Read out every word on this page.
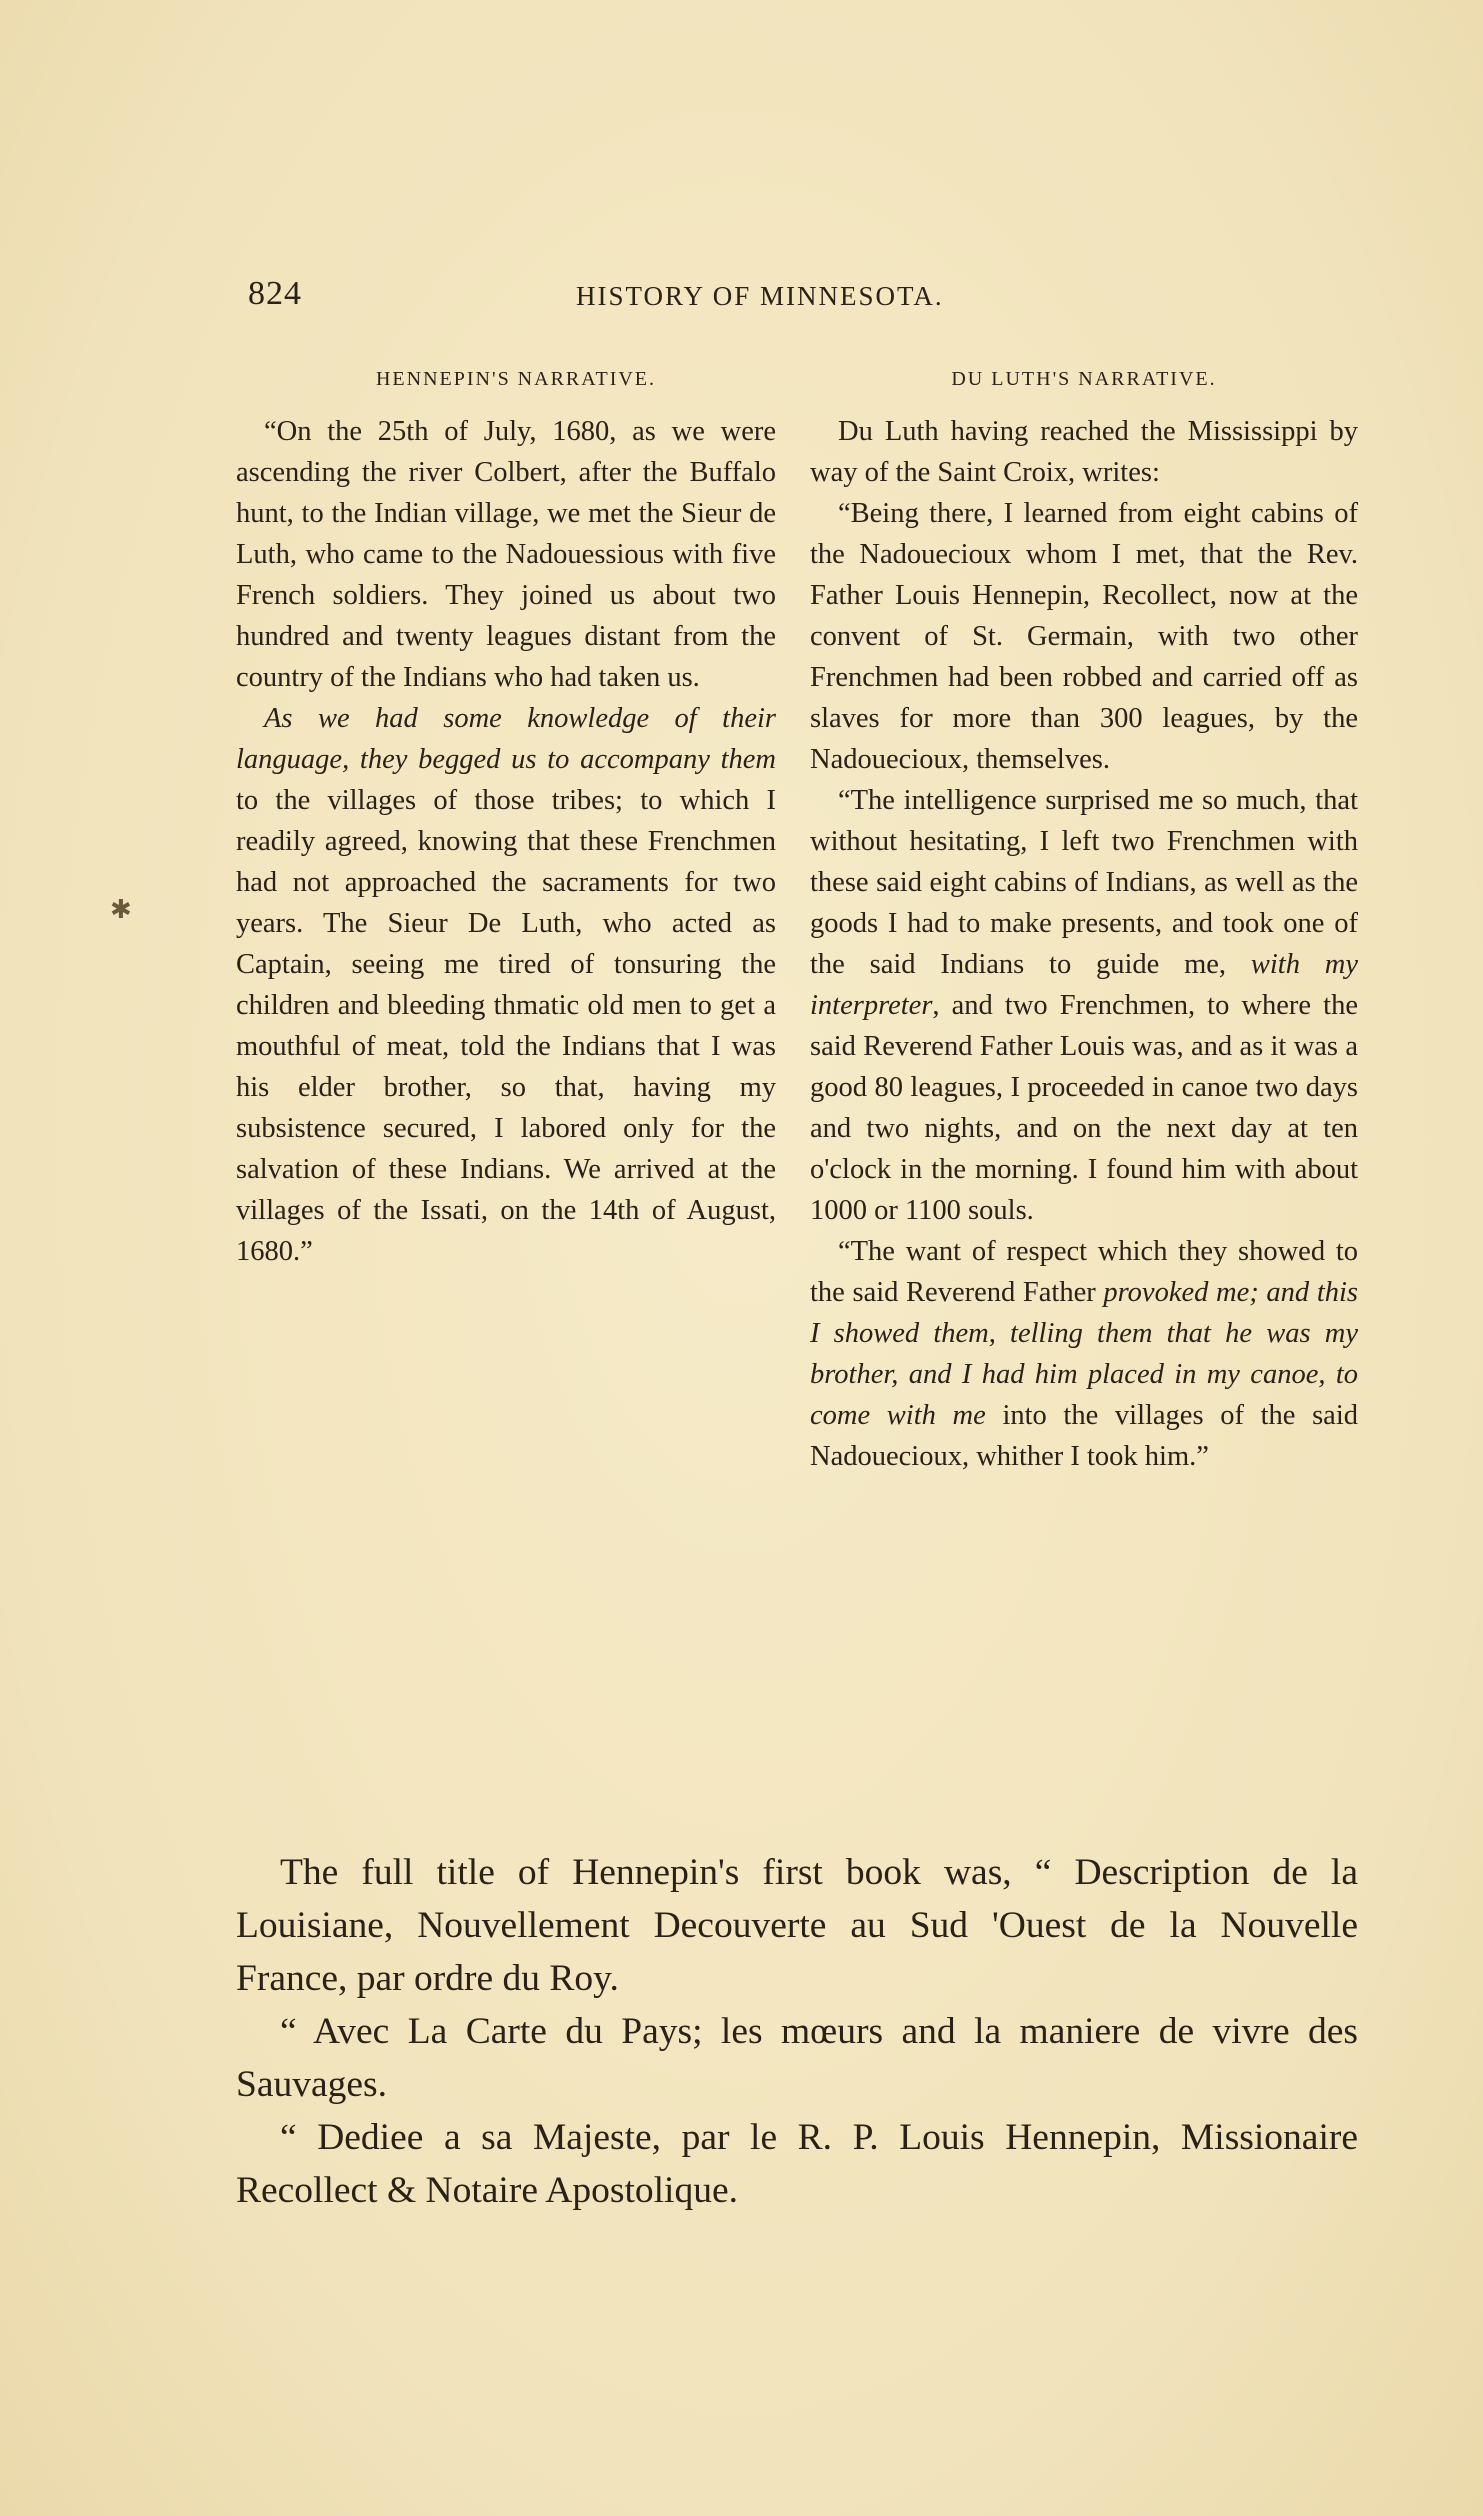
824	HISTORY OF MINNESOTA.
HENNEPIN'S NARRATIVE.

“On the 25th of July, 1680, as we were ascending the river Colbert, after the Buffalo hunt, to the Indian village, we met the Sieur de Luth, who came to the Nadouessious with five French soldiers. They joined us about two hundred and twenty leagues distant from the country of the Indians who had taken us.

As we had some knowledge of their language, they begged us to accompany them to the villages of those tribes; to which I readily agreed, knowing that these Frenchmen had not approached the sacraments for two years. The Sieur De Luth, who acted as Captain, seeing me tired of tonsuring the children and bleeding thmatic old men to get a mouthful of meat, told the Indians that I was his elder brother, so that, having my subsistence secured, I labored only for the salvation of these Indians. We arrived at the villages of the Issati, on the 14th of August, 1680.”

DU LUTH'S NARRATIVE.

Du Luth having reached the Mississippi by way of the Saint Croix, writes:

“Being there, I learned from eight cabins of the Nadouecioux whom I met, that the Rev. Father Louis Hennepin, Recollect, now at the convent of St. Germain, with two other Frenchmen had been robbed and carried off as slaves for more than 300 leagues, by the Nadouecioux, themselves.

“The intelligence surprised me so much, that without hesitating, I left two Frenchmen with these said eight cabins of Indians, as well as the goods I had to make presents, and took one of the said Indians to guide me, with my interpreter, and two Frenchmen, to where the said Reverend Father Louis was, and as it was a good 80 leagues, I proceeded in canoe two days and two nights, and on the next day at ten o'clock in the morning. I found him with about 1000 or 1100 souls.

“The want of respect which they showed to the said Reverend Father provoked me; and this I showed them, telling them that he was my brother, and I had him placed in my canoe, to come with me into the villages of the said Nadouecioux, whither I took him.”

The full title of Hennepin's first book was, “ Description de la Louisiane, Nouvellement Decouverte au Sud 'Ouest de la Nouvelle France, par ordre du Roy.

“ Avec La Carte du Pays; les mœurs and la maniere de vivre des Sauvages.

“ Dediee a sa Majeste, par le R. P. Louis Hennepin, Missionaire Recollect & Notaire Apostolique.

✱
